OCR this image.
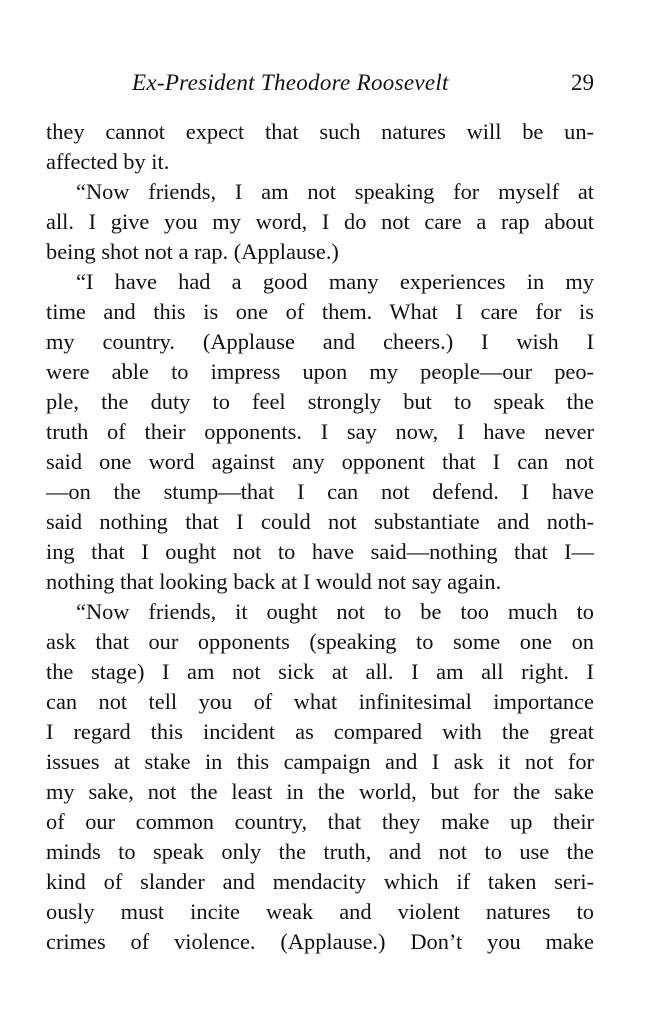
Ex-President Theodore Roosevelt	29
they cannot expect that such natures will be un-
affected by it.
“Now friends, I am not speaking for myself at
all. I give you my word, I do not care a rap about
being shot not a rap. (Applause.)
“I have had a good many experiences in my
time and this is one of them. What I care for is
my country. (Applause and cheers.) I wish I
were able to impress upon my people—our peo-
ple, the duty to feel strongly but to speak the
truth of their opponents. I say now, I have never
said one word against any opponent that I can not
—on the stump—that I can not defend. I have
said nothing that I could not substantiate and noth-
ing that I ought not to have said—nothing that I—
nothing that looking back at I would not say again.
“Now friends, it ought not to be too much to
ask that our opponents (speaking to some one on
the stage) I am not sick at all. I am all right. I
can not tell you of what infinitesimal importance
I regard this incident as compared with the great
issues at stake in this campaign and I ask it not for
my sake, not the least in the world, but for the sake
of our common country, that they make up their
minds to speak only the truth, and not to use the
kind of slander and mendacity which if taken seri-
ously must incite weak and violent natures to
crimes of violence. (Applause.) Don’t you make
